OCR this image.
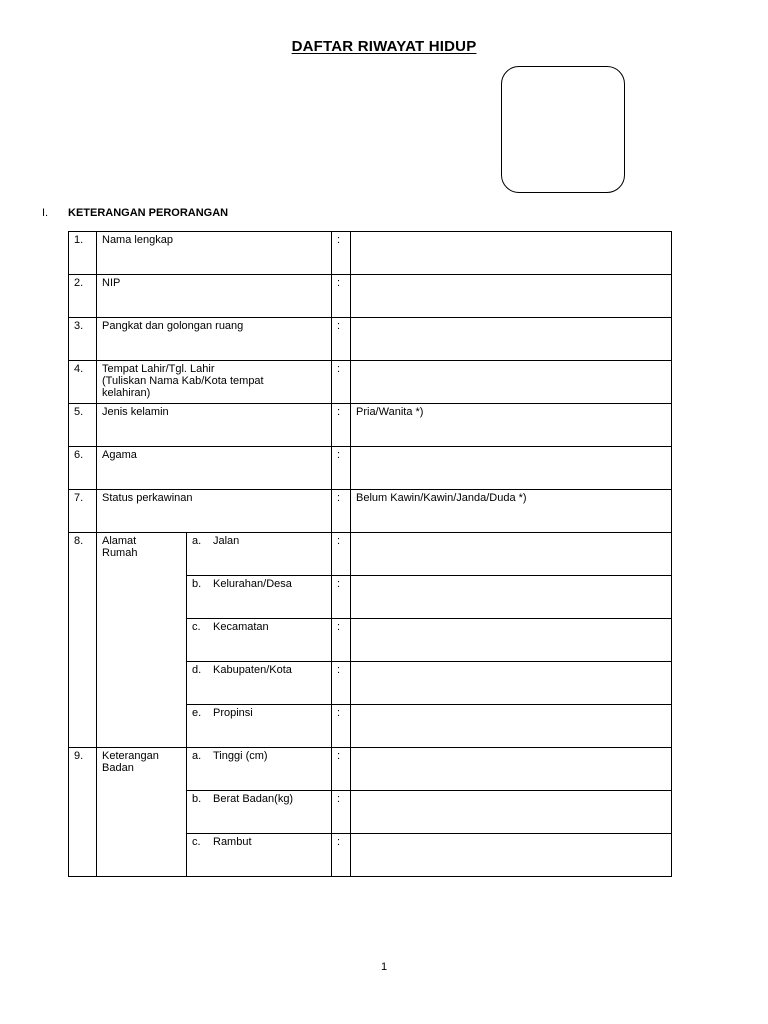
DAFTAR RIWAYAT HIDUP
I. KETERANGAN PERORANGAN
1.	Nama lengkap		:	
2.	NIP		:	
3.	Pangkat dan golongan ruang		:	
4.	Tempat Lahir/Tgl. Lahir
(Tuliskan Nama Kab/Kota tempat
kelahiran)		:	
5.	Jenis kelamin		:	Pria/Wanita *)
6.	Agama		:	
7.	Status perkawinan		:	Belum Kawin/Kawin/Janda/Duda *)
8.	Alamat
Rumah	a. Jalan	:	
		b. Kelurahan/Desa	:	
		c. Kecamatan	:	
		d. Kabupaten/Kota	:	
		e. Propinsi	:	
9.	Keterangan
Badan	a. Tinggi (cm)	:	
		b. Berat Badan(kg)	:	
		c. Rambut	:	
1
